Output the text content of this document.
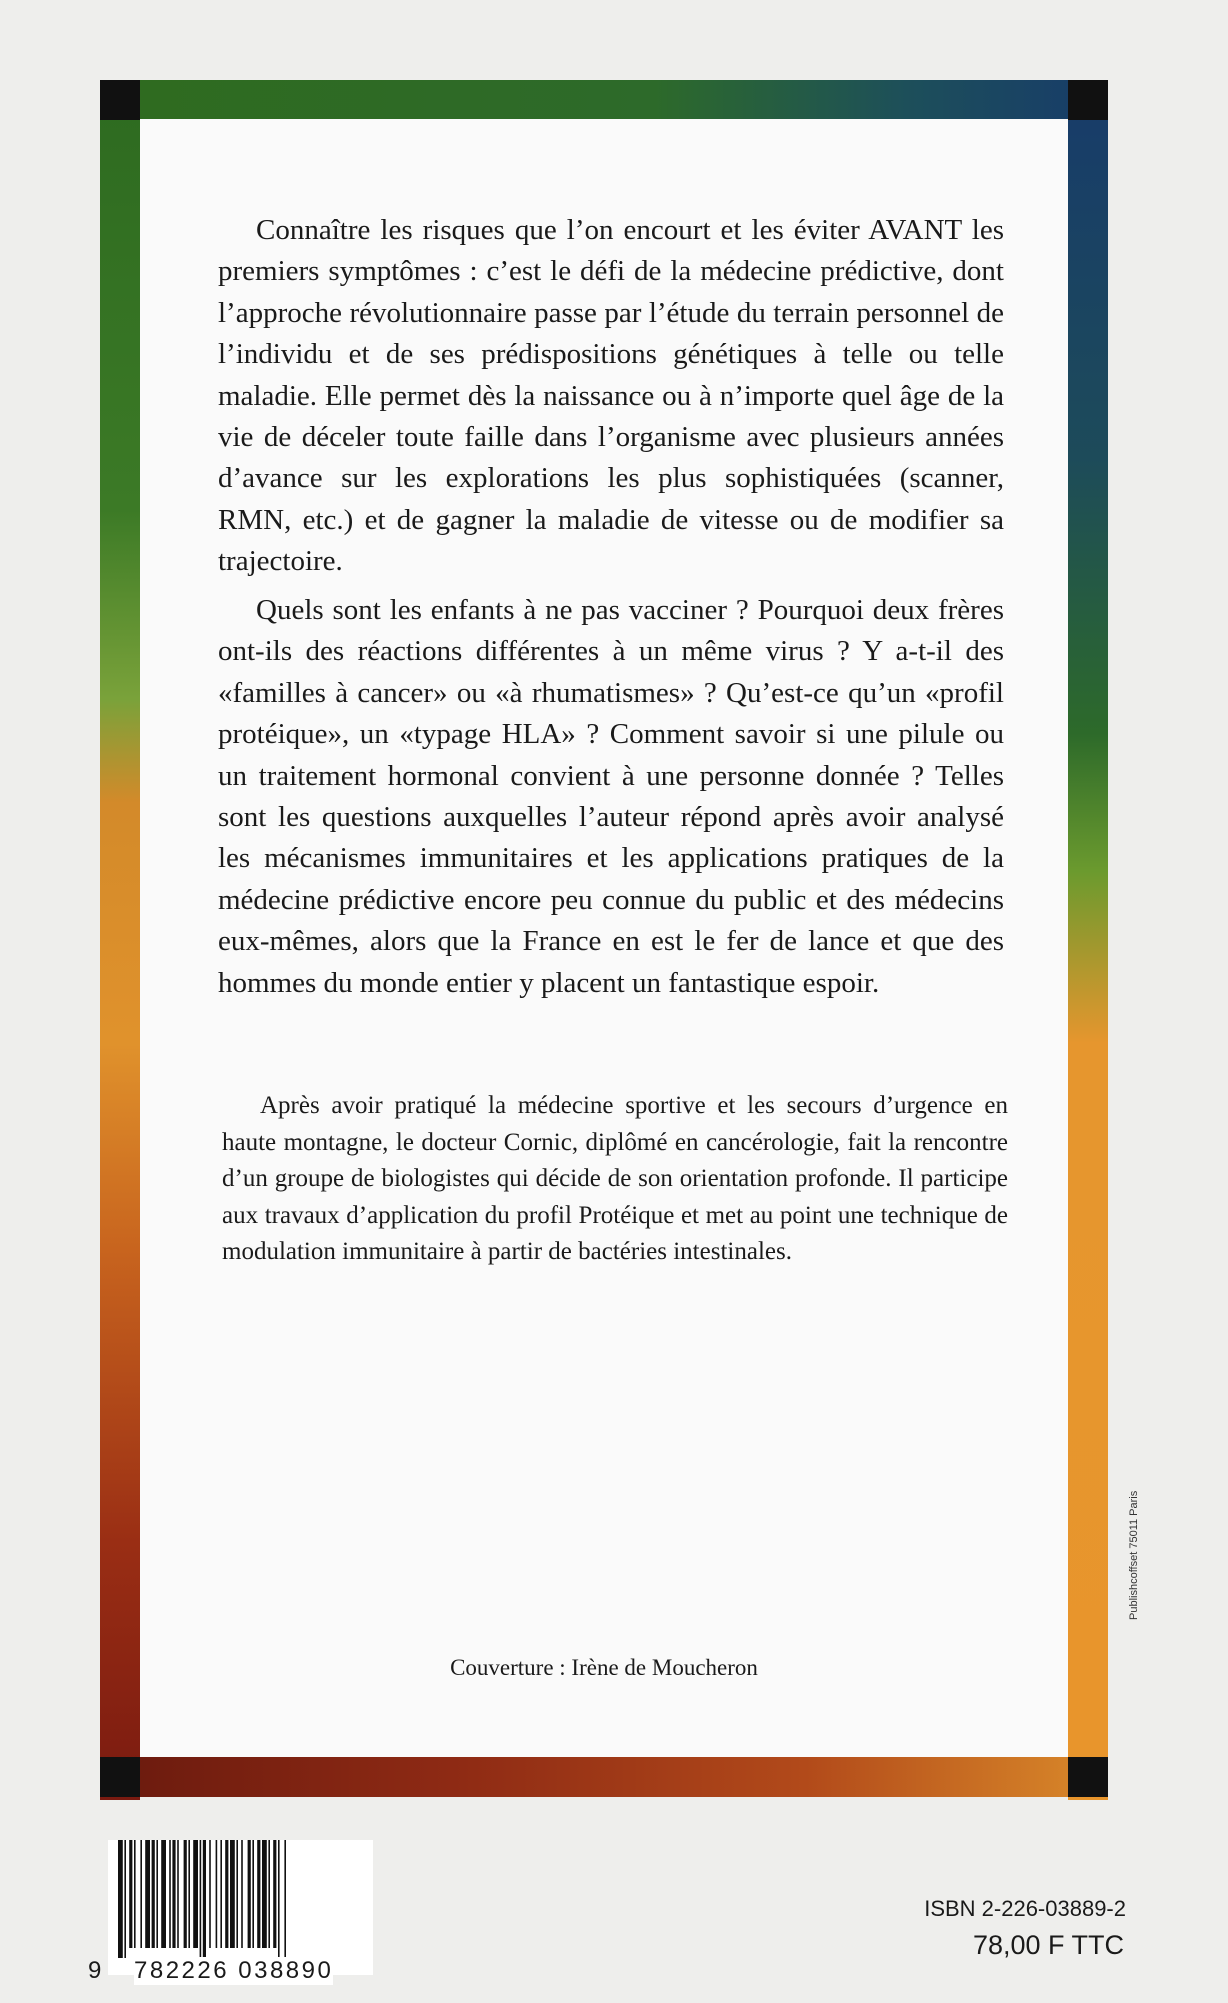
Connaître les risques que l’on encourt et les éviter AVANT les premiers symptômes : c’est le défi de la médecine prédictive, dont l’approche révolutionnaire passe par l’étude du terrain personnel de l’individu et de ses prédispositions génétiques à telle ou telle maladie. Elle permet dès la naissance ou à n’importe quel âge de la vie de déceler toute faille dans l’organisme avec plusieurs années d’avance sur les explorations les plus sophistiquées (scanner, RMN, etc.) et de gagner la maladie de vitesse ou de modifier sa trajectoire.

Quels sont les enfants à ne pas vacciner ? Pourquoi deux frères ont-ils des réactions différentes à un même virus ? Y a-t-il des «familles à cancer» ou «à rhumatismes» ? Qu’est-ce qu’un «profil protéique», un «typage HLA» ? Comment savoir si une pilule ou un traitement hormonal convient à une personne donnée ? Telles sont les questions auxquelles l’auteur répond après avoir analysé les mécanismes immunitaires et les applications pratiques de la médecine prédictive encore peu connue du public et des médecins eux-mêmes, alors que la France en est le fer de lance et que des hommes du monde entier y placent un fantastique espoir.

Après avoir pratiqué la médecine sportive et les secours d’urgence en haute montagne, le docteur Cornic, diplômé en cancérologie, fait la rencontre d’un groupe de biologistes qui décide de son orientation profonde. Il participe aux travaux d’application du profil Protéique et met au point une technique de modulation immunitaire à partir de bactéries intestinales.

Couverture : Irène de Moucheron
Publishcoffset 75011 Paris
9 782226 038890
ISBN 2-226-03889-2
78,00 F TTC
